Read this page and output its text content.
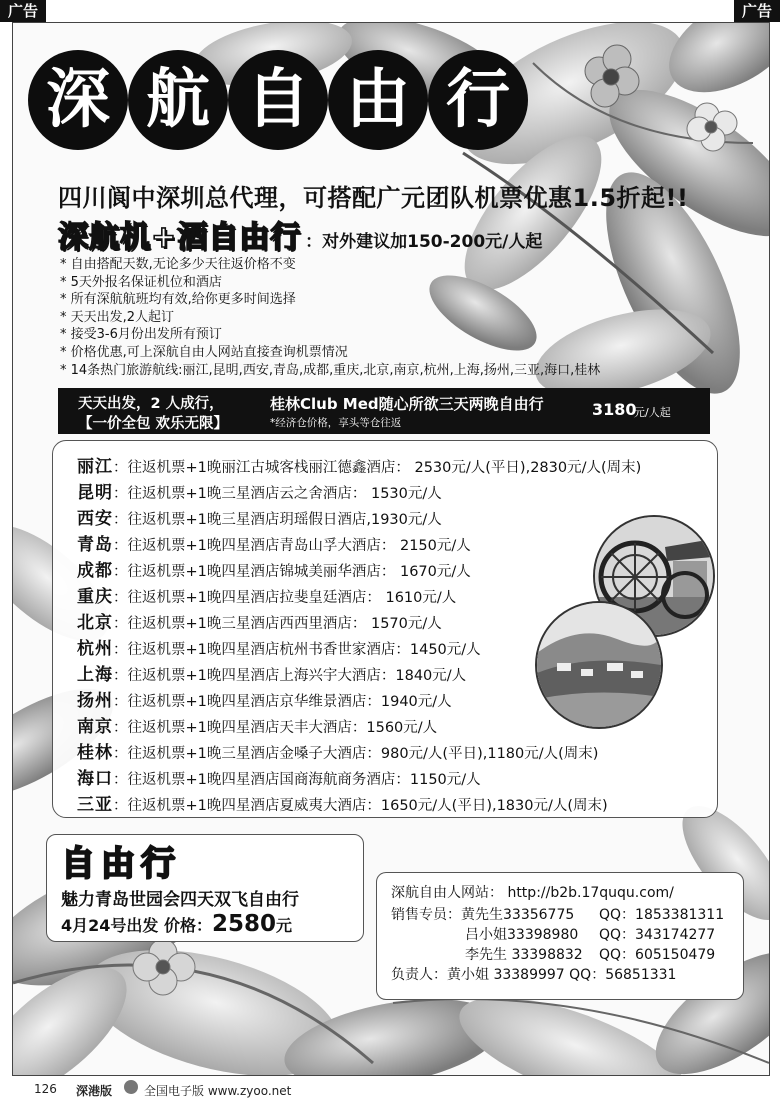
广告	广告
深 航 自 由 行
四川阆中深圳总代理，可搭配广元团队机票优惠1.5折起!!
深航机+酒自由行 ：对外建议加150-200元/人起
* 自由搭配天数,无论多少天往返价格不变
* 5天外报名保证机位和酒店
* 所有深航航班均有效,给你更多时间选择
* 天天出发,2人起订
* 接受3-6月份出发所有预订
* 价格优惠,可上深航自由人网站直接查询机票情况
* 14条热门旅游航线:丽江,昆明,西安,青岛,成都,重庆,北京,南京,杭州,上海,扬州,三亚,海口,桂林
天天出发，2 人成行，
【一价全包 欢乐无限】
桂林Club Med随心所欲三天两晚自由行
*经济仓价格，享头等仓往返
3180
元/人起
丽江：往返机票+1晚丽江古城客栈丽江德鑫酒店： 2530元/人(平日),2830元/人(周末)
昆明：往返机票+1晚三星酒店云之舍酒店： 1530元/人
西安：往返机票+1晚三星酒店玥瑶假日酒店,1930元/人
青岛：往返机票+1晚四星酒店青岛山孚大酒店： 2150元/人
成都：往返机票+1晚四星酒店锦城美丽华酒店： 1670元/人
重庆：往返机票+1晚四星酒店拉斐皇廷酒店： 1610元/人
北京：往返机票+1晚三星酒店西西里酒店： 1570元/人
杭州：往返机票+1晚四星酒店杭州书香世家酒店：1450元/人
上海：往返机票+1晚四星酒店上海兴宇大酒店：1840元/人
扬州：往返机票+1晚四星酒店京华维景酒店：1940元/人
南京：往返机票+1晚四星酒店天丰大酒店：1560元/人
桂林：往返机票+1晚三星酒店金嗓子大酒店：980元/人(平日),1180元/人(周末)
海口：往返机票+1晚四星酒店国商海航商务酒店：1150元/人
三亚：往返机票+1晚四星酒店夏威夷大酒店：1650元/人(平日),1830元/人(周末)
自 由 行
魅力青岛世园会四天双飞自由行
4月24号出发 价格：2580元
深航自由人网站： http://b2b.17ququ.com/
销售专员：黄先生33356775 QQ：1853381311
吕小姐33398980 QQ：343174277
李先生 33398832 QQ：605150479
负责人：黄小姐 33389997 QQ：56851331
126 深港版	全国电子版 www.zyoo.net
